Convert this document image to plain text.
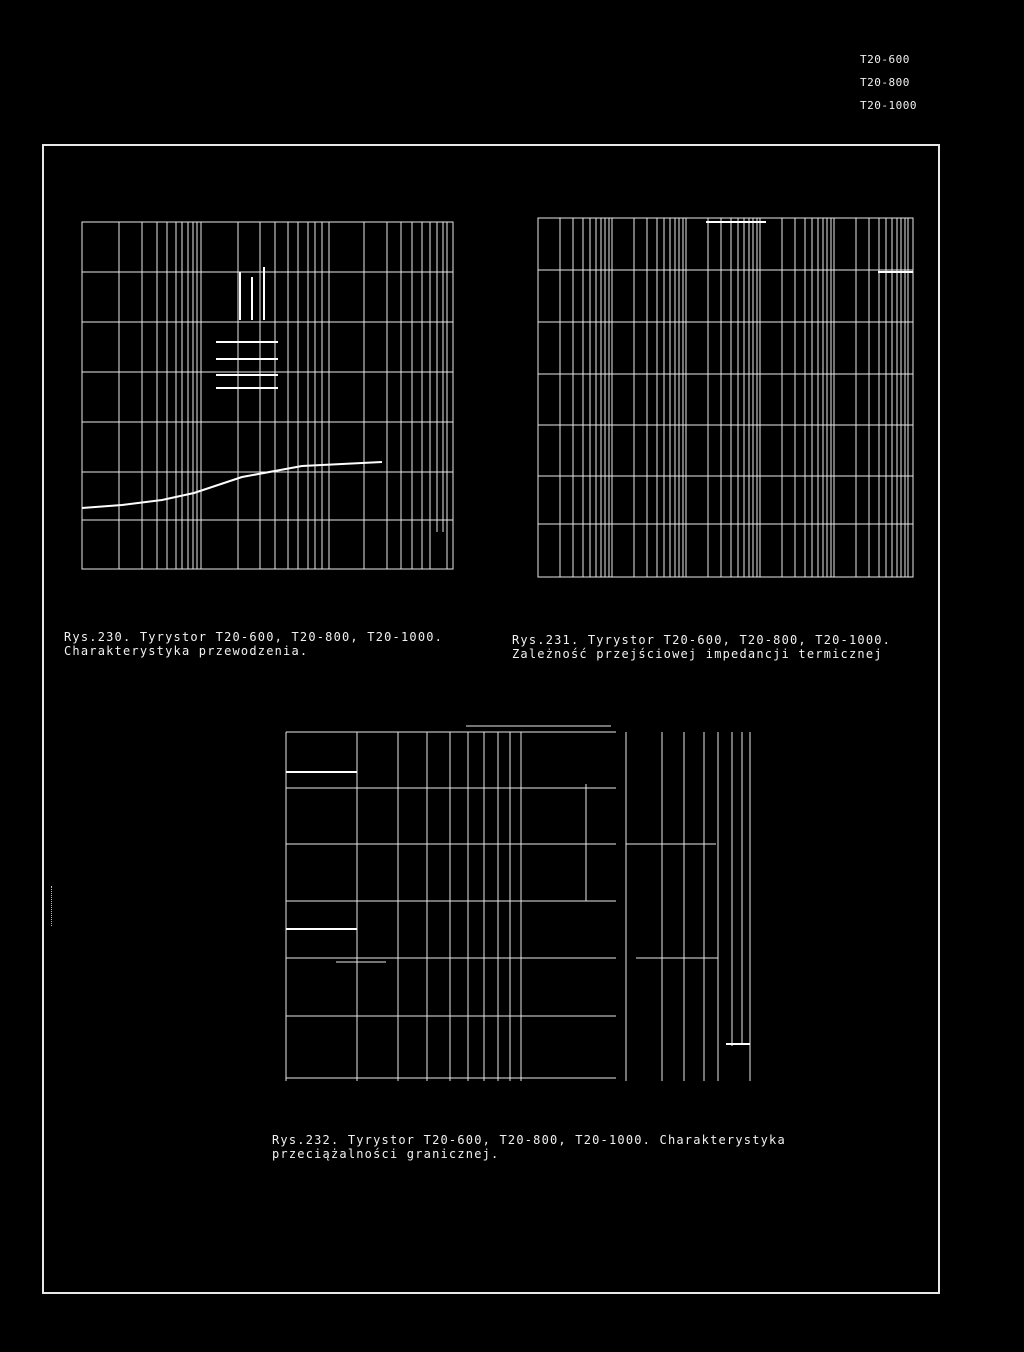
T20-600
T20-800
T20-1000
Rys.230. Tyrystor T20-600, T20-800, T20-1000.
Charakterystyka przewodzenia.
Rys.231. Tyrystor T20-600, T20-800, T20-1000.
Zależność przejściowej impedancji termicznej
Rys.232. Tyrystor T20-600, T20-800, T20-1000. Charakterystyka
przeciążalności granicznej.
